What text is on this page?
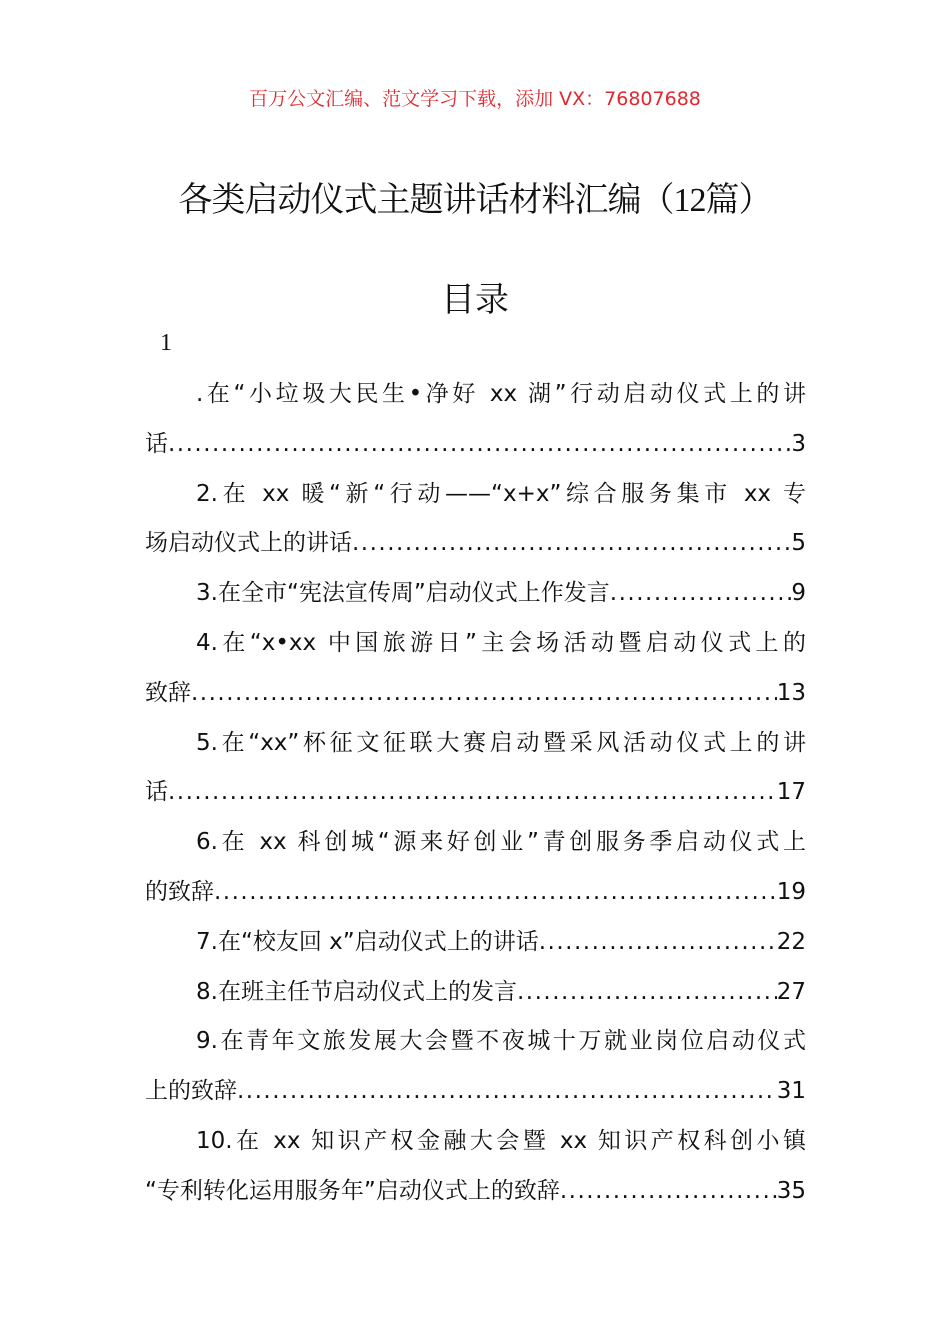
百万公文汇编、范文学习下载，添加 VX：76807688
各类启动仪式主题讲话材料汇编（12篇）
目录
1
.在“小垃圾大民生•净好 xx 湖”行动启动仪式上的讲
话 .....	3
2.在 xx 暖“新“行动——“x+x”综合服务集市 xx 专
场启动仪式上的讲话 .....	5
3.在全市“宪法宣传周”启动仪式上作发言 .....	9
4.在“x•xx 中国旅游日”主会场活动暨启动仪式上的
致辞 .....	13
5.在“xx”杯征文征联大赛启动暨采风活动仪式上的讲
话 .....	17
6.在 xx 科创城“源来好创业”青创服务季启动仪式上
的致辞 .....	19
7.在“校友回 x”启动仪式上的讲话 .....	22
8.在班主任节启动仪式上的发言 .....	27
9.在青年文旅发展大会暨不夜城十万就业岗位启动仪式
上的致辞 .....	31
10.在 xx 知识产权金融大会暨 xx 知识产权科创小镇
“专利转化运用服务年”启动仪式上的致辞 .....	35
